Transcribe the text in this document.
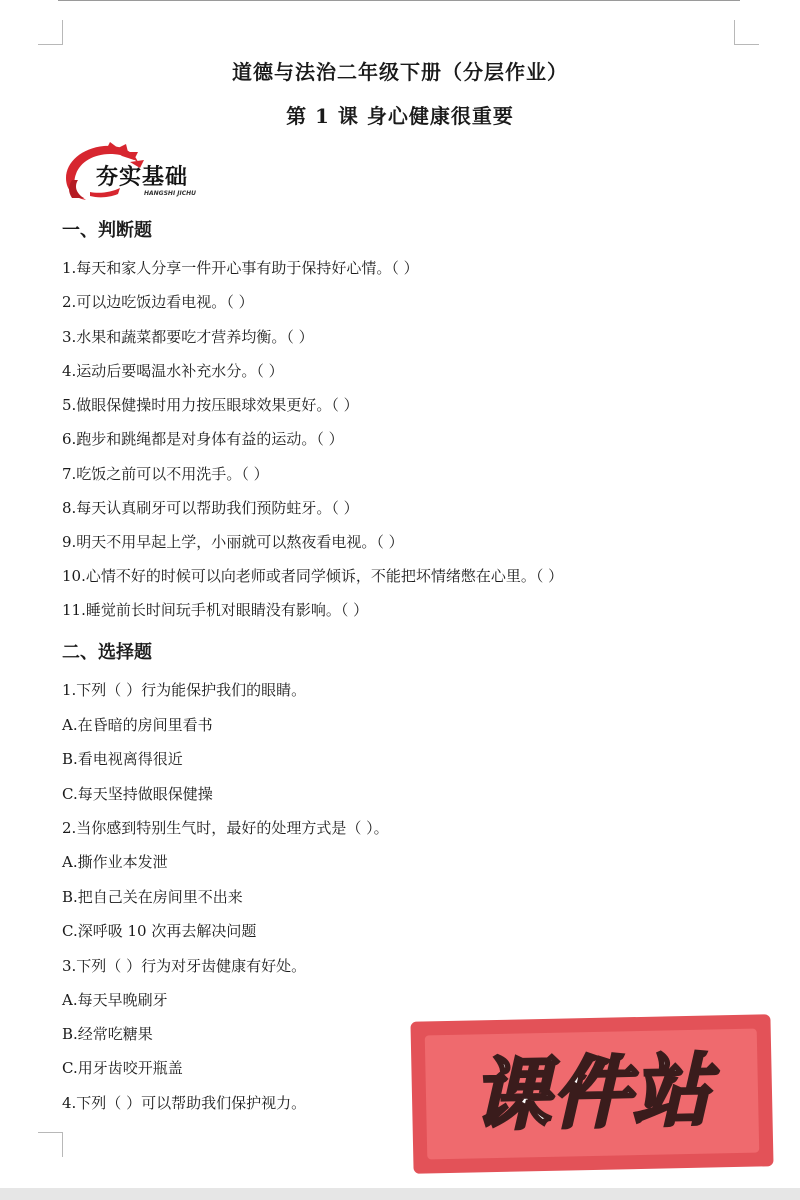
道德与法治二年级下册（分层作业）
第 1 课 身心健康很重要
夯实基础
HANGSHI JICHU
一、判断题
1.每天和家人分享一件开心事有助于保持好心情。（ ）
2.可以边吃饭边看电视。（ ）
3.水果和蔬菜都要吃才营养均衡。（ ）
4.运动后要喝温水补充水分。（ ）
5.做眼保健操时用力按压眼球效果更好。（ ）
6.跑步和跳绳都是对身体有益的运动。（ ）
7.吃饭之前可以不用洗手。（ ）
8.每天认真刷牙可以帮助我们预防蛀牙。（ ）
9.明天不用早起上学，小丽就可以熬夜看电视。（ ）
10.心情不好的时候可以向老师或者同学倾诉，不能把坏情绪憋在心里。（ ）
11.睡觉前长时间玩手机对眼睛没有影响。（ ）
二、选择题
1.下列（ ）行为能保护我们的眼睛。
A.在昏暗的房间里看书
B.看电视离得很近
C.每天坚持做眼保健操
2.当你感到特别生气时，最好的处理方式是（ ）。
A.撕作业本发泄
B.把自己关在房间里不出来
C.深呼吸 10 次再去解决问题
3.下列（ ）行为对牙齿健康有好处。
A.每天早晚刷牙
B.经常吃糖果
C.用牙齿咬开瓶盖
4.下列（ ）可以帮助我们保护视力。	课件站
